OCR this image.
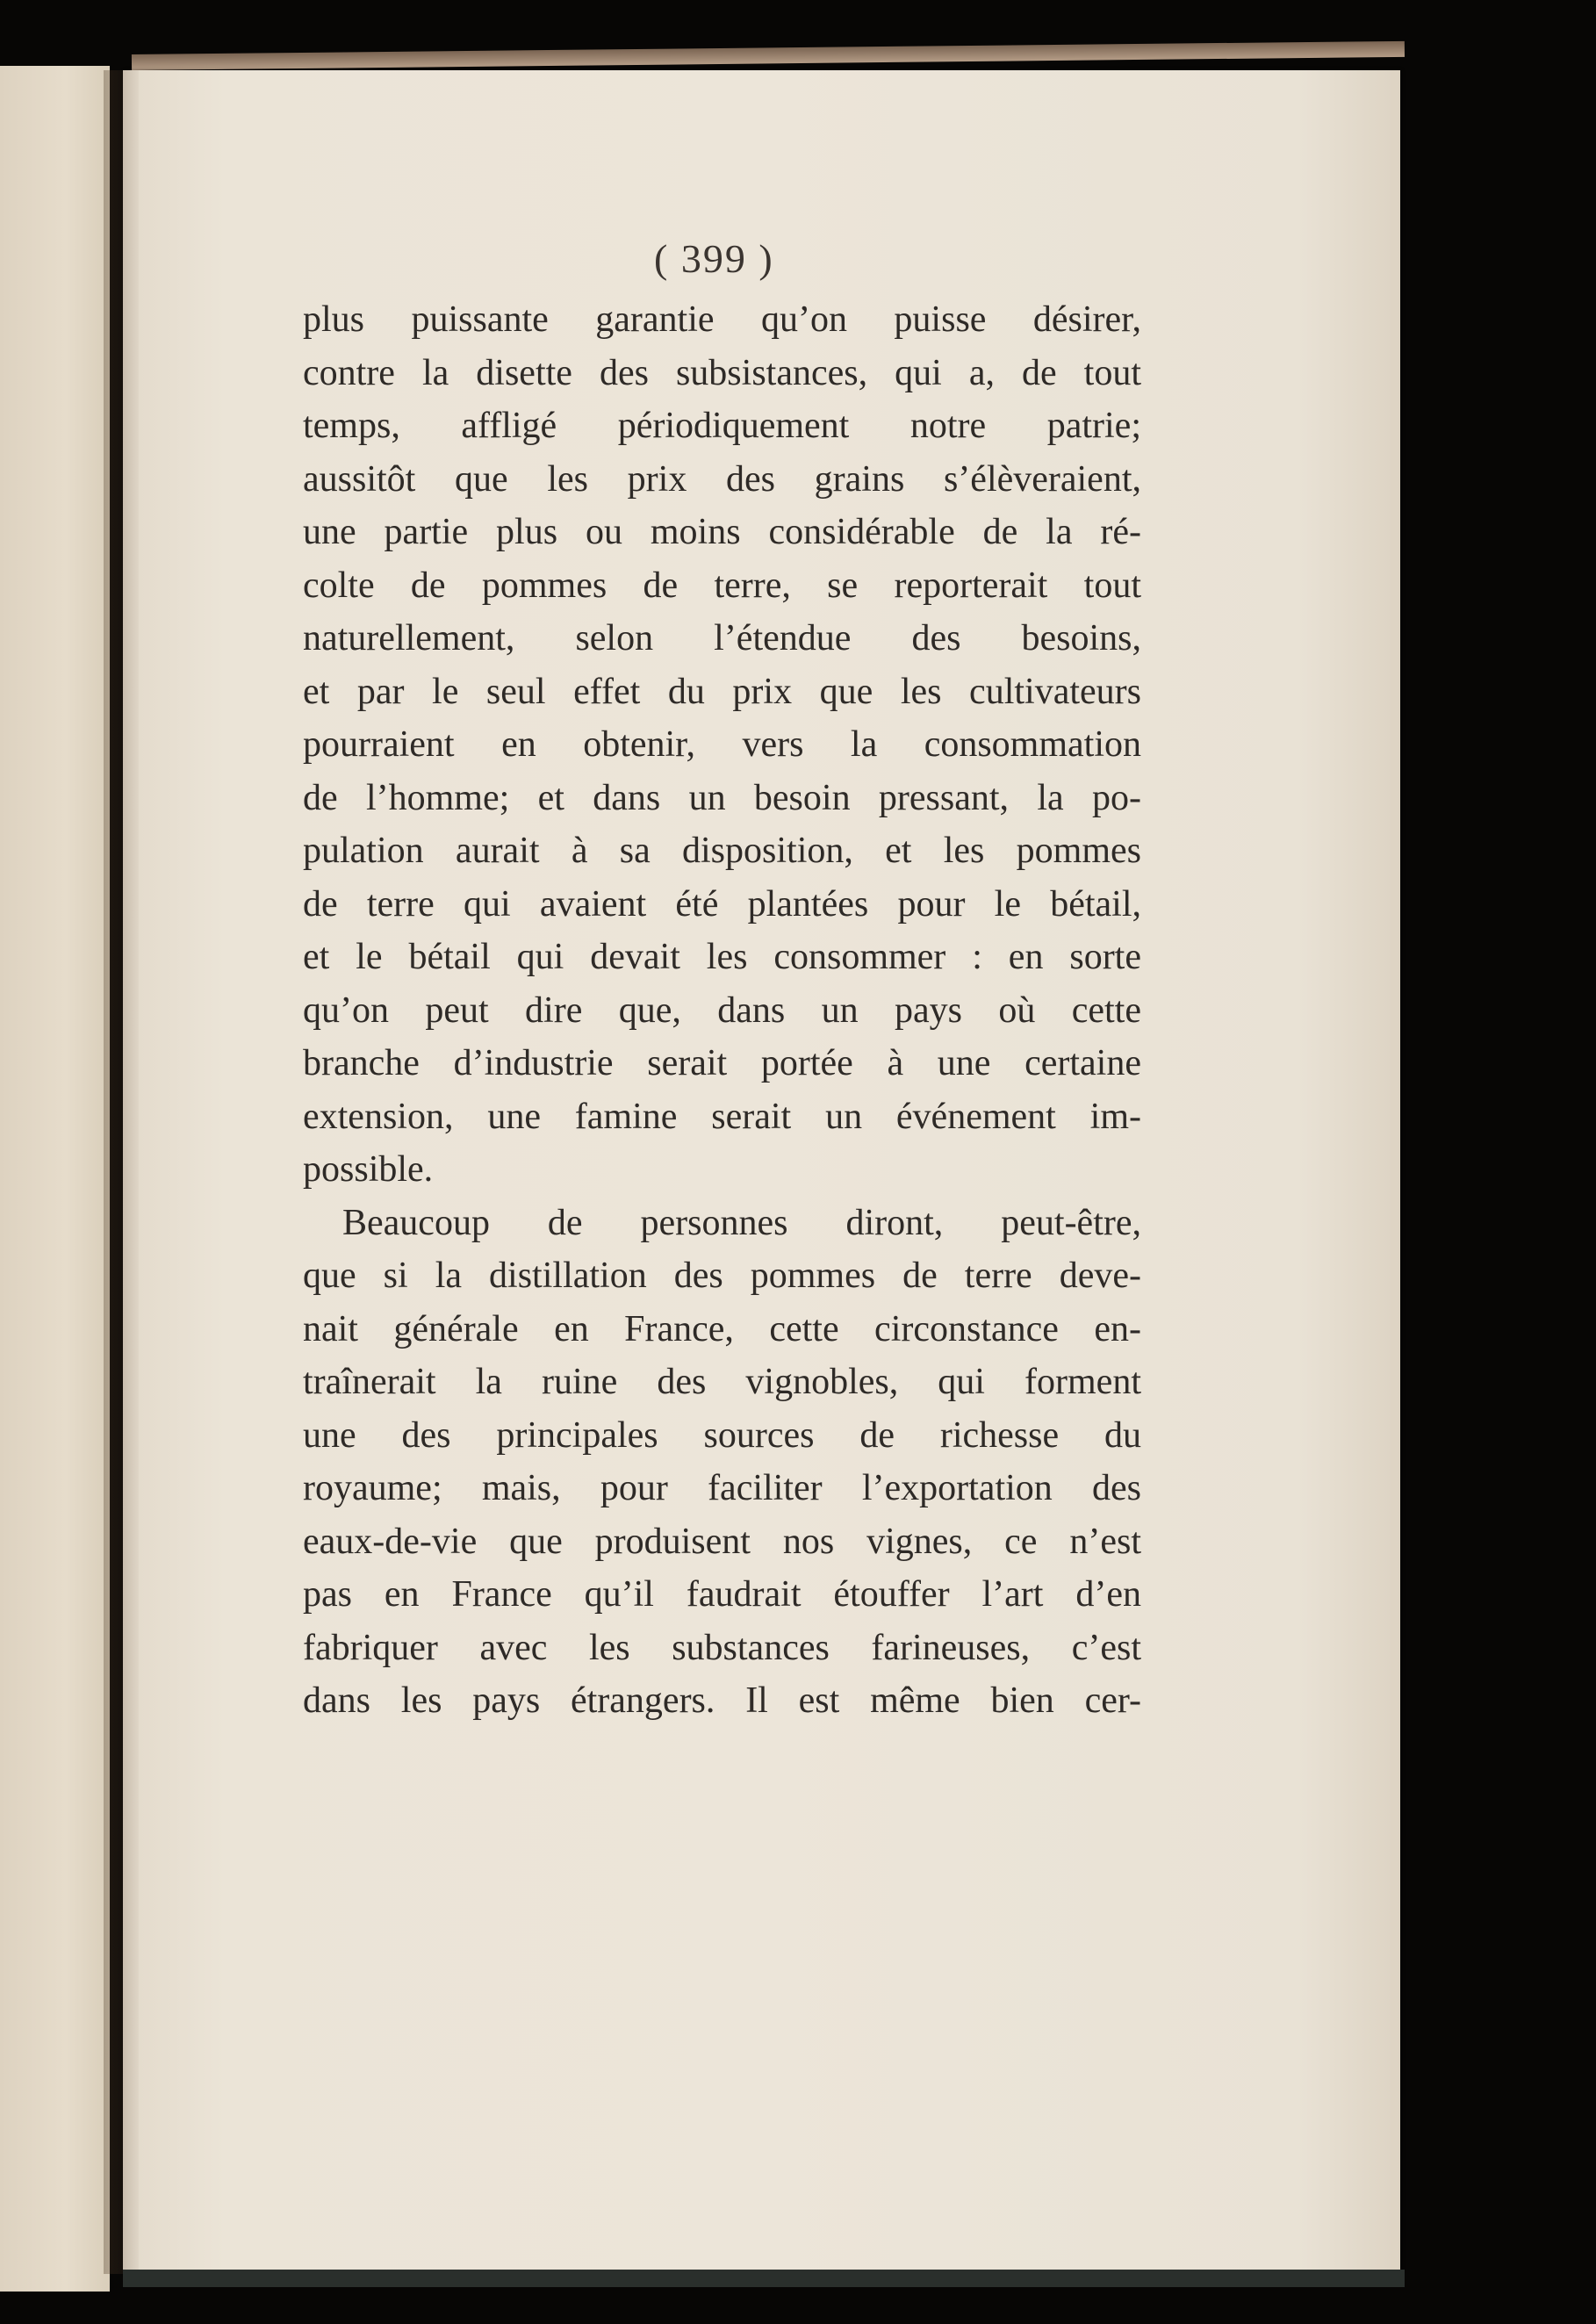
( 399 )
plus puissante garantie qu’on puisse désirer,
contre la disette des subsistances, qui a, de tout
temps, affligé périodiquement notre patrie;
aussitôt que les prix des grains s’élèveraient,
une partie plus ou moins considérable de la ré-
colte de pommes de terre, se reporterait tout
naturellement, selon l’étendue des besoins,
et par le seul effet du prix que les cultivateurs
pourraient en obtenir, vers la consommation
de l’homme; et dans un besoin pressant, la po-
pulation aurait à sa disposition, et les pommes
de terre qui avaient été plantées pour le bétail,
et le bétail qui devait les consommer : en sorte
qu’on peut dire que, dans un pays où cette
branche d’industrie serait portée à une certaine
extension, une famine serait un événement im-
possible.
Beaucoup de personnes diront, peut-être,
que si la distillation des pommes de terre deve-
nait générale en France, cette circonstance en-
traînerait la ruine des vignobles, qui forment
une des principales sources de richesse du
royaume; mais, pour faciliter l’exportation des
eaux-de-vie que produisent nos vignes, ce n’est
pas en France qu’il faudrait étouffer l’art d’en
fabriquer avec les substances farineuses, c’est
dans les pays étrangers. Il est même bien cer-
